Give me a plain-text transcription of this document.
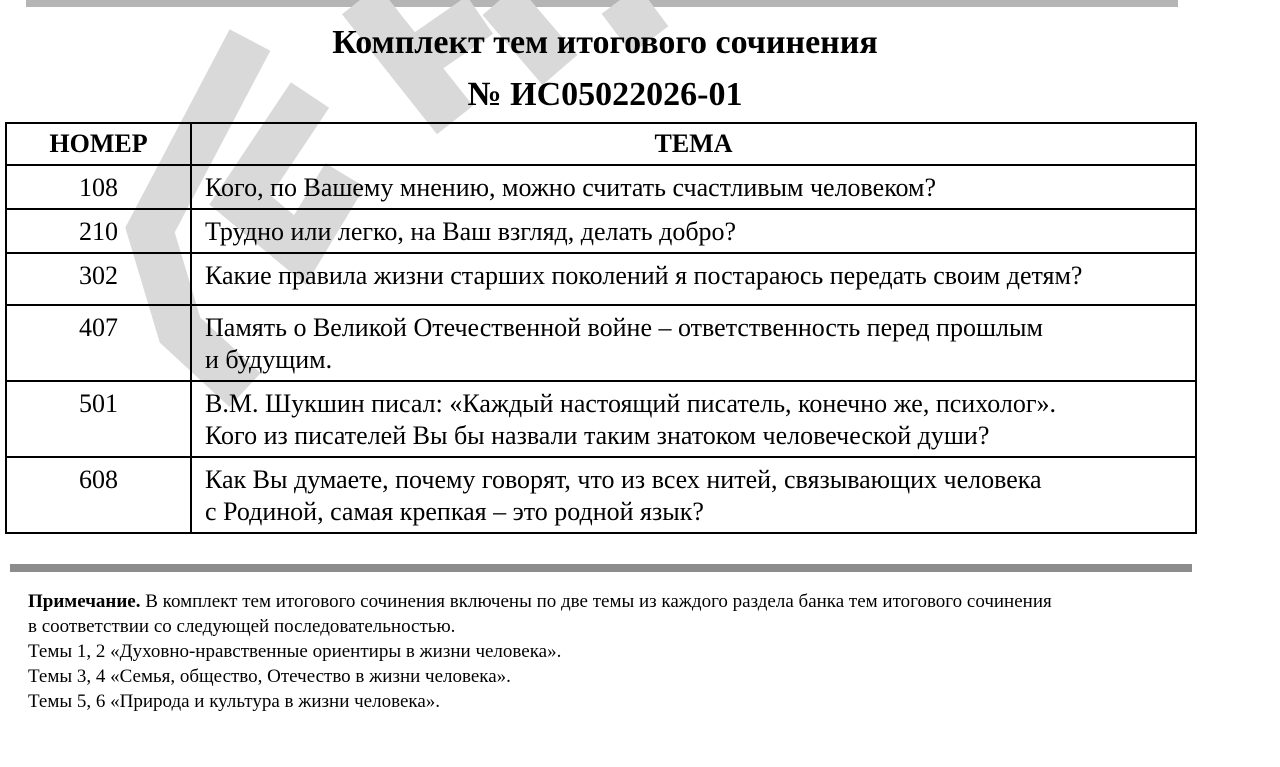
Комплект тем итогового сочинения
№ ИС05022026-01
НОМЕР	ТЕМА
108	Кого, по Вашему мнению, можно считать счастливым человеком?
210	Трудно или легко, на Ваш взгляд, делать добро?
302	Какие правила жизни старших поколений я постараюсь передать своим детям?
407	Память о Великой Отечественной войне – ответственность перед прошлым
и будущим.

501	В.М. Шукшин писал: «Каждый настоящий писатель, конечно же, психолог».
Кого из писателей Вы бы назвали таким знатоком человеческой души?

608	Как Вы думаете, почему говорят, что из всех нитей, связывающих человека
с Родиной, самая крепкая – это родной язык?

Примечание. В комплект тем итогового сочинения включены по две темы из каждого раздела банка тем итогового сочинения

в соответствии со следующей последовательностью.

Темы 1, 2 «Духовно-нравственные ориентиры в жизни человека».

Темы 3, 4 «Семья, общество, Отечество в жизни человека».

Темы 5, 6 «Природа и культура в жизни человека».
